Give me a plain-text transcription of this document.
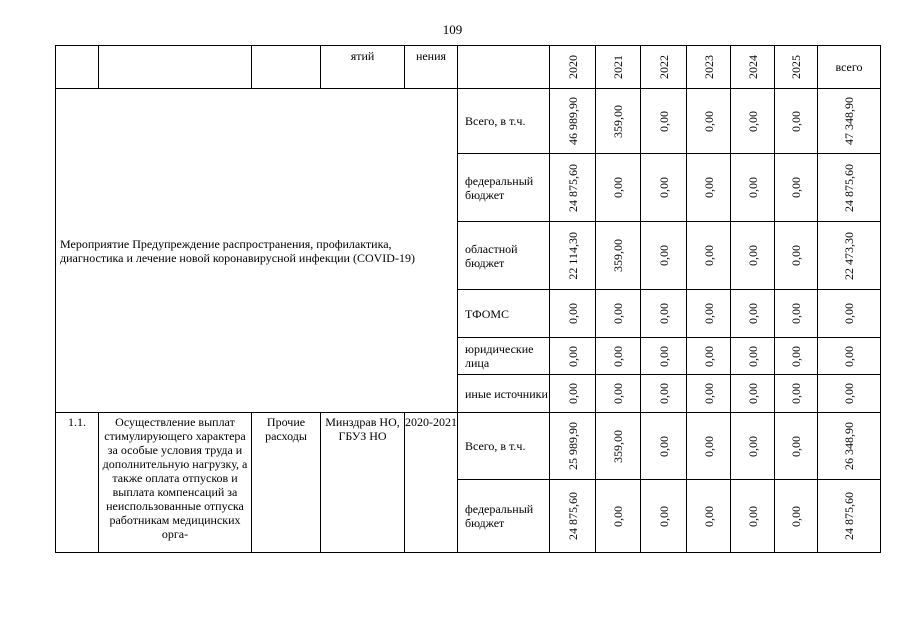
109
			ятий	нения		2020	2021	2022	2023	2024	2025	всего
Мероприятие Предупреждение распространения, профилактика, диагностика и лечение новой коронавирусной инфекции (COVID-19)					Всего, в т.ч.	46 989,90	359,00	0,00	0,00	0,00	0,00	47 348,90

					федеральный бюджет	24 875,60	0,00	0,00	0,00	0,00	0,00	24 875,60

					областной бюджет	22 114,30	359,00	0,00	0,00	0,00	0,00	22 473,30

					ТФОМС	0,00	0,00	0,00	0,00	0,00	0,00	0,00

					юридические лица	0,00	0,00	0,00	0,00	0,00	0,00	0,00

					иные источники	0,00	0,00	0,00	0,00	0,00	0,00	0,00

1.1.	Осуществление выплат стимулирующего характера за особые условия труда и дополнительную нагрузку, а также оплата отпусков и выплата компенсаций за неиспользованные отпуска работникам медицинских орга-	Прочие расходы	Минздрав НО, ГБУЗ НО	2020-2021	Всего, в т.ч.	25 989,90	359,00	0,00	0,00	0,00	0,00	26 348,90

					федеральный бюджет	24 875,60	0,00	0,00	0,00	0,00	0,00	24 875,60
